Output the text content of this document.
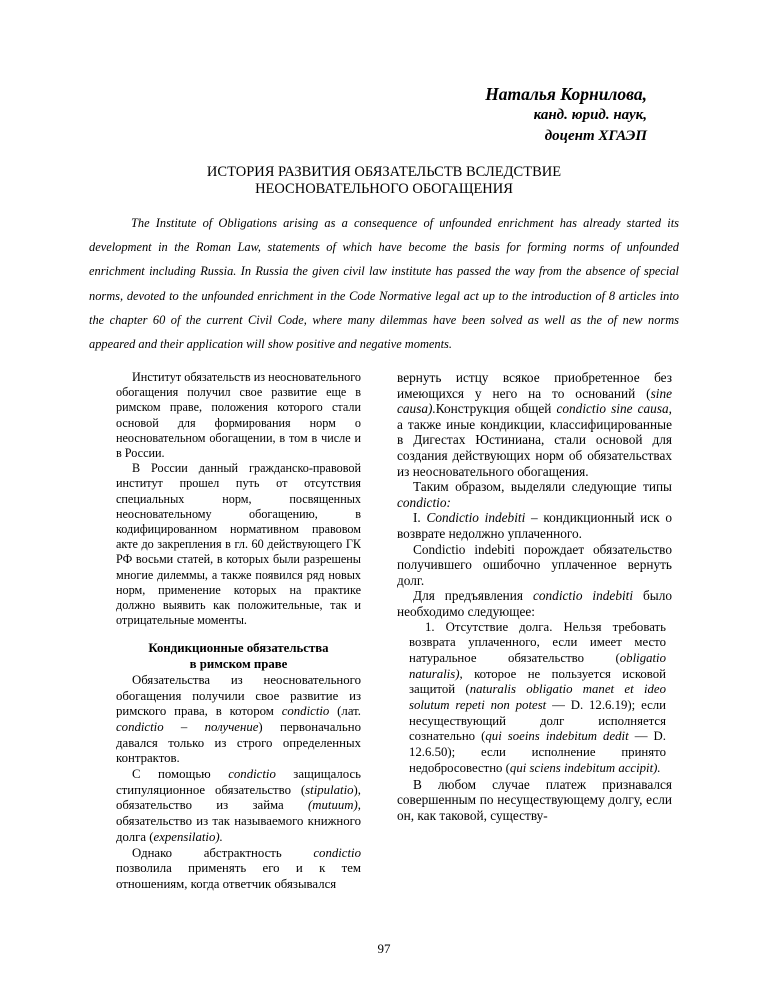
Наталья Корнилова,
канд. юрид. наук,
доцент ХГАЭП
ИСТОРИЯ РАЗВИТИЯ ОБЯЗАТЕЛЬСТВ ВСЛЕДСТВИЕ
НЕОСНОВАТЕЛЬНОГО ОБОГАЩЕНИЯ

The Institute of Obligations arising as a consequence of unfounded enrichment has already started its development in the Roman Law, statements of which have become the basis for forming norms of unfounded enrichment including Russia. In Russia the given civil law institute has passed the way from the absence of special norms, devoted to the unfounded enrichment in the Code Normative legal act up to the introduction of 8 articles into the chapter 60 of the current Civil Code, where many dilemmas have been solved as well as the of new norms appeared and their application will show positive and negative moments.

Институт обязательств из неосновательного обогащения получил свое развитие еще в римском праве, положения которого стали основой для формирования норм о неосновательном обогащении, в том в числе и в России.

В России данный гражданско-правовой институт прошел путь от отсутствия специальных норм, посвященных неосновательному обогащению, в кодифицированном нормативном правовом акте до закрепления в гл. 60 действующего ГК РФ восьми статей, в которых были разрешены многие дилеммы, а также появился ряд новых норм, применение которых на практике должно выявить как положительные, так и отрицательные моменты.

Кондикционные обязательства
в римском праве

Обязательства из неосновательного обогащения получили свое развитие из римского права, в котором condictio (лат. condictio – получение) первоначально давался только из строго определенных контрактов.

С помощью condictio защищалось стипуляционное обязательство (stipulatio), обязательство из займа (mutuum), обязательство из так называемого книжного долга (expensilatio).

Однако абстрактность condictio позволила применять его и к тем отношениям, когда ответчик обязывался

вернуть истцу всякое приобретенное без имеющихся у него на то оснований (sine causa).Конструкция общей condictio sine causa, а также иные кондикции, классифицированные в Дигестах Юстиниана, стали основой для создания действующих норм об обязательствах из неосновательного обогащения.

Таким образом, выделяли следующие типы condictio:

I. Condictio indebiti – кондикционный иск о возврате недолжно уплаченного.

Condictio indebiti порождает обязательство получившего ошибочно уплаченное вернуть долг.

Для предъявления condictio indebiti было необходимо следующее:

1. Отсутствие долга. Нельзя требовать возврата уплаченного, если имеет место натуральное обязательство (obligatio naturalis), которое не пользуется исковой защитой (naturalis obligatio manet et ideo solutum repeti non potest — D. 12.6.19); если несуществующий долг исполняется сознательно (qui soeins indebitum dedit — D. 12.6.50); если исполнение принято недобросовестно (qui sciens indebitum accipit).

В любом случае платеж признавался совершенным по несуществующему долгу, если он, как таковой, существу-

97
